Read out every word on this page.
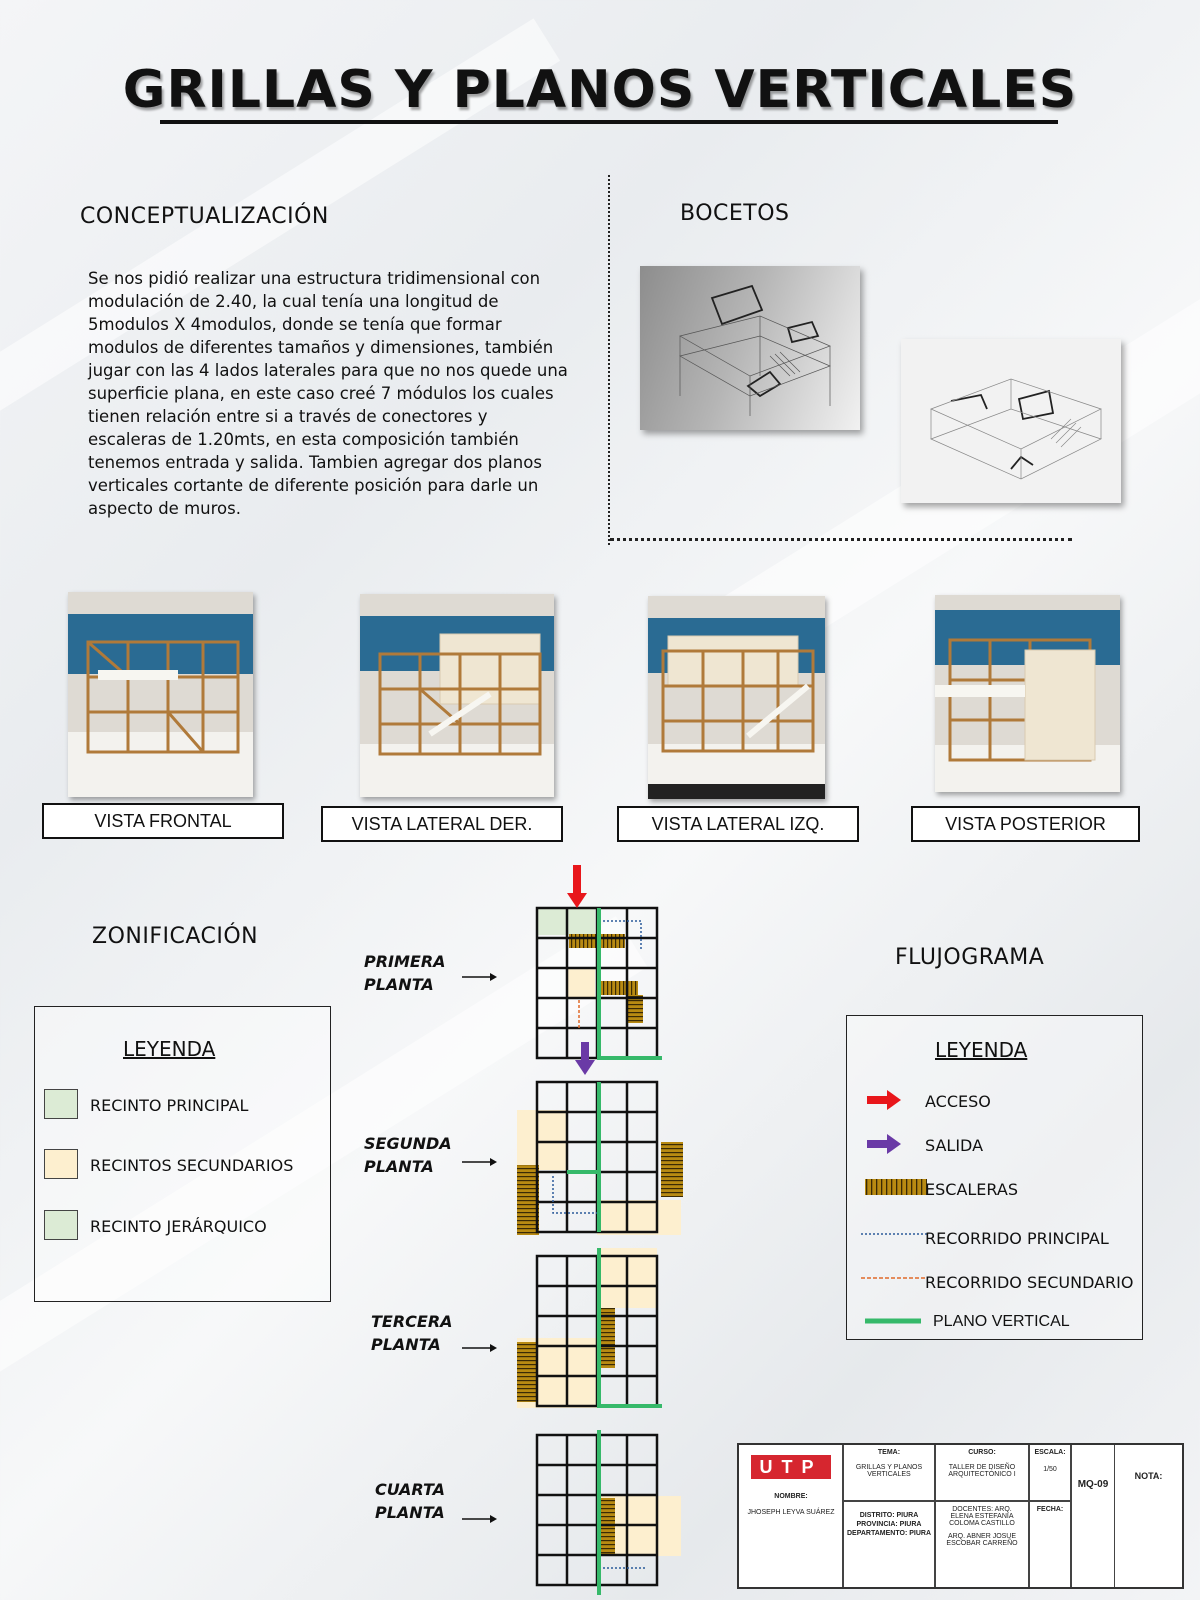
GRILLAS Y PLANOS VERTICALES
CONCEPTUALIZACIÓN
Se nos pidió realizar una estructura tridimensional con modulación de 2.40, la cual tenía una longitud de 5modulos X 4modulos, donde se tenía que formar modulos de diferentes tamaños y dimensiones, también jugar con las 4 lados laterales para que no nos quede una superficie plana, en este caso creé 7 módulos los cuales tienen relación entre si a través de conectores y escaleras de 1.20mts, en esta composición también tenemos entrada y salida. Tambien agregar dos planos verticales cortante de diferente posición para darle un aspecto de muros.
BOCETOS
VISTA FRONTAL	VISTA LATERAL DER.	VISTA LATERAL IZQ.	VISTA POSTERIOR
ZONIFICACIÓN
LEYENDA
RECINTO PRINCIPAL
RECINTOS SECUNDARIOS
RECINTO JERÁRQUICO
PRIMERA
PLANTA
SEGUNDA
PLANTA
TERCERA
PLANTA
CUARTA
PLANTA
FLUJOGRAMA
LEYENDA
ACCESO
SALIDA
ESCALERAS
RECORRIDO PRINCIPAL
RECORRIDO SECUNDARIO
PLANO VERTICAL
UTP
NOMBRE:
JHOSEPH LEYVA SUÁREZ
TEMA:
GRILLAS Y PLANOS VERTICALES
CURSO:
TALLER DE DISEÑO ARQUITECTÓNICO I
ESCALA:
1/50
MQ-09
NOTA:
DISTRITO: PIURA
PROVINCIA: PIURA
DEPARTAMENTO: PIURA
DOCENTES: ARQ. ELENA ESTEFANIA COLOMA CASTILLO
ARQ. ABNER JOSUE ESCOBAR CARREÑO
FECHA:
